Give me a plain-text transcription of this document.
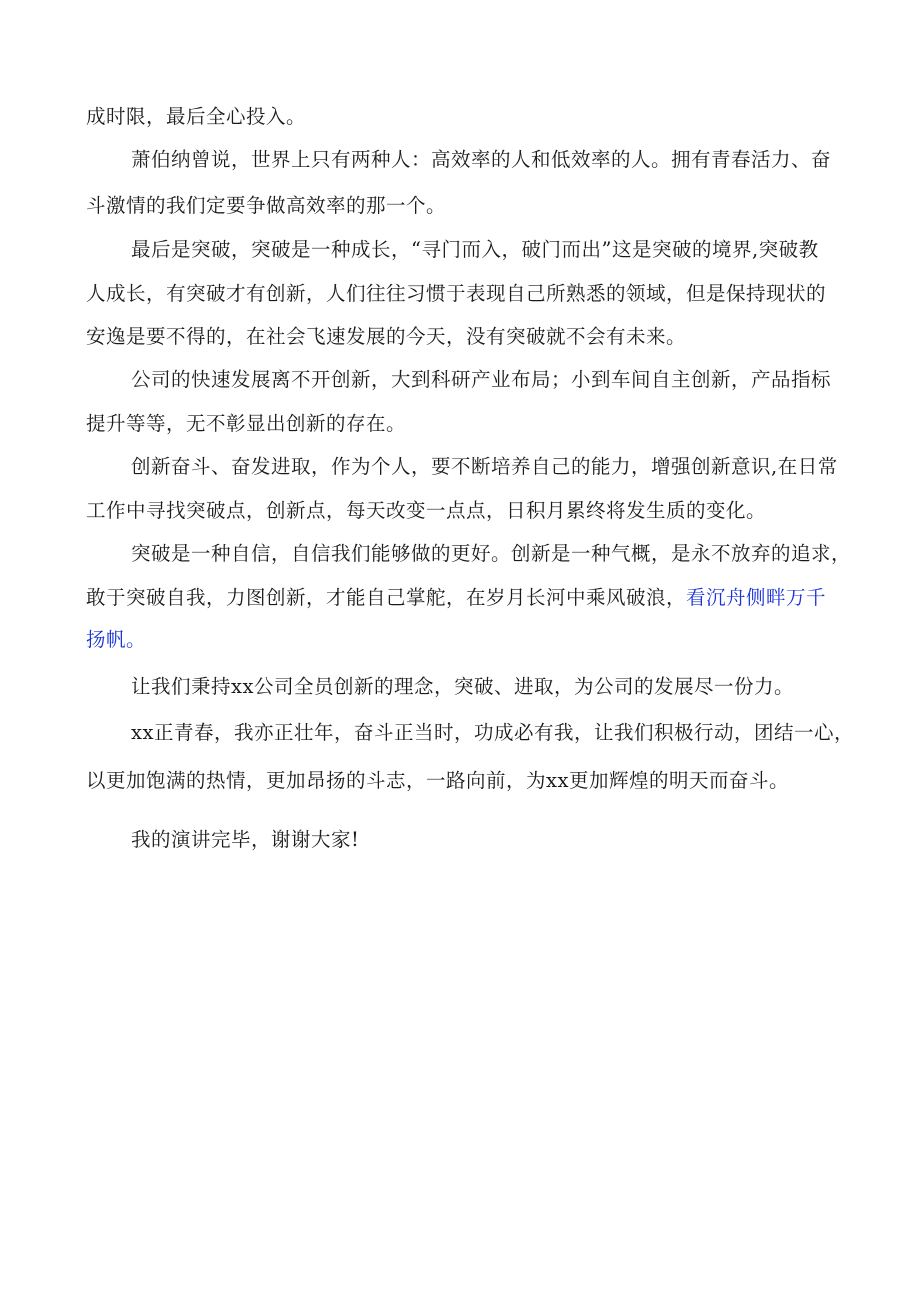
成时限，最后全心投入。
萧伯纳曾说，世界上只有两种人：高效率的人和低效率的人。拥有青春活力、奋
斗激情的我们定要争做高效率的那一个。
最后是突破，突破是一种成长，“寻门而入，破门而出”这是突破的境界,突破教
人成长，有突破才有创新，人们往往习惯于表现自己所熟悉的领域，但是保持现状的
安逸是要不得的，在社会飞速发展的今天，没有突破就不会有未来。
公司的快速发展离不开创新，大到科研产业布局；小到车间自主创新，产品指标
提升等等，无不彰显出创新的存在。
创新奋斗、奋发进取，作为个人，要不断培养自己的能力，增强创新意识,在日常
工作中寻找突破点，创新点，每天改变一点点，日积月累终将发生质的变化。
突破是一种自信，自信我们能够做的更好。创新是一种气概，是永不放弃的追求，
敢于突破自我，力图创新，才能自己掌舵，在岁月长河中乘风破浪，看沉舟侧畔万千
扬帆。
让我们秉持xx公司全员创新的理念，突破、进取，为公司的发展尽一份力。
xx正青春，我亦正壮年，奋斗正当时，功成必有我，让我们积极行动，团结一心，
以更加饱满的热情，更加昂扬的斗志，一路向前，为xx更加辉煌的明天而奋斗。
我的演讲完毕，谢谢大家!
